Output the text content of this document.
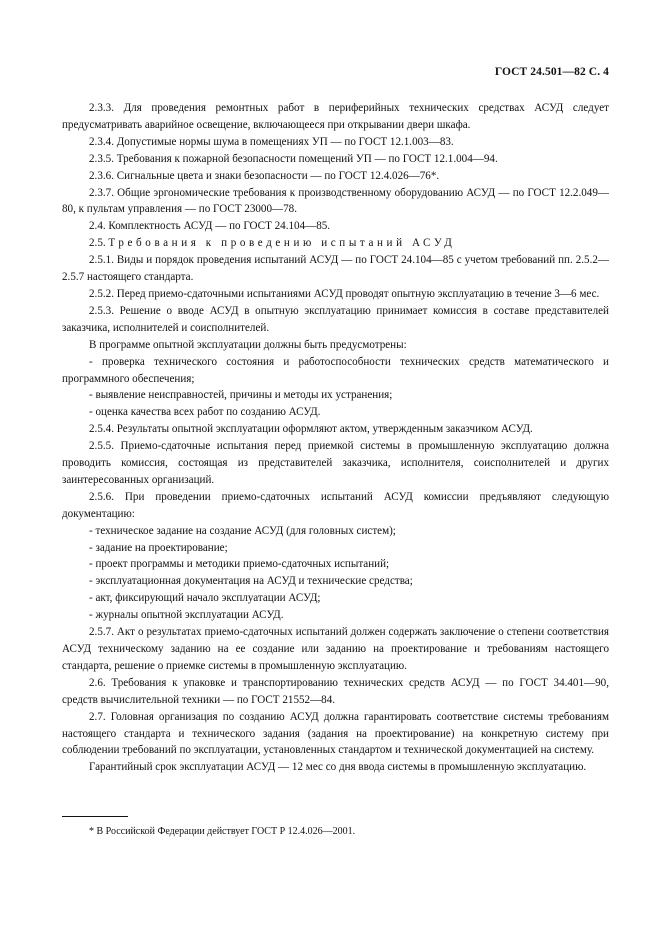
ГОСТ 24.501—82 С. 4

2.3.3. Для проведения ремонтных работ в периферийных технических средствах АСУД следует предусматривать аварийное освещение, включающееся при открывании двери шкафа.

2.3.4. Допустимые нормы шума в помещениях УП — по ГОСТ 12.1.003—83.

2.3.5. Требования к пожарной безопасности помещений УП — по ГОСТ 12.1.004—94.

2.3.6. Сигнальные цвета и знаки безопасности — по ГОСТ 12.4.026—76*.

2.3.7. Общие эргономические требования к производственному оборудованию АСУД — по ГОСТ 12.2.049—80, к пультам управления — по ГОСТ 23000—78.

2.4. Комплектность АСУД — по ГОСТ 24.104—85.

2.5. Требования к проведению испытаний АСУД

2.5.1. Виды и порядок проведения испытаний АСУД — по ГОСТ 24.104—85 с учетом требований пп. 2.5.2—2.5.7 настоящего стандарта.

2.5.2. Перед приемо-сдаточными испытаниями АСУД проводят опытную эксплуатацию в течение 3—6 мес.

2.5.3. Решение о вводе АСУД в опытную эксплуатацию принимает комиссия в составе представителей заказчика, исполнителей и соисполнителей.

В программе опытной эксплуатации должны быть предусмотрены:

- проверка технического состояния и работоспособности технических средств математического и программного обеспечения;

- выявление неисправностей, причины и методы их устранения;

- оценка качества всех работ по созданию АСУД.

2.5.4. Результаты опытной эксплуатации оформляют актом, утвержденным заказчиком АСУД.

2.5.5. Приемо-сдаточные испытания перед приемкой системы в промышленную эксплуатацию должна проводить комиссия, состоящая из представителей заказчика, исполнителя, соисполнителей и других заинтересованных организаций.

2.5.6. При проведении приемо-сдаточных испытаний АСУД комиссии предъявляют следующую документацию:

- техническое задание на создание АСУД (для головных систем);

- задание на проектирование;

- проект программы и методики приемо-сдаточных испытаний;

- эксплуатационная документация на АСУД и технические средства;

- акт, фиксирующий начало эксплуатации АСУД;

- журналы опытной эксплуатации АСУД.

2.5.7. Акт о результатах приемо-сдаточных испытаний должен содержать заключение о степени соответствия АСУД техническому заданию на ее создание или заданию на проектирование и требованиям настоящего стандарта, решение о приемке системы в промышленную эксплуатацию.

2.6. Требования к упаковке и транспортированию технических средств АСУД — по ГОСТ 34.401—90, средств вычислительной техники — по ГОСТ 21552—84.

2.7. Головная организация по созданию АСУД должна гарантировать соответствие системы требованиям настоящего стандарта и технического задания (задания на проектирование) на конкретную систему при соблюдении требований по эксплуатации, установленных стандартом и технической документацией на систему.

Гарантийный срок эксплуатации АСУД — 12 мес со дня ввода системы в промышленную эксплуатацию.

* В Российской Федерации действует ГОСТ Р 12.4.026—2001.
